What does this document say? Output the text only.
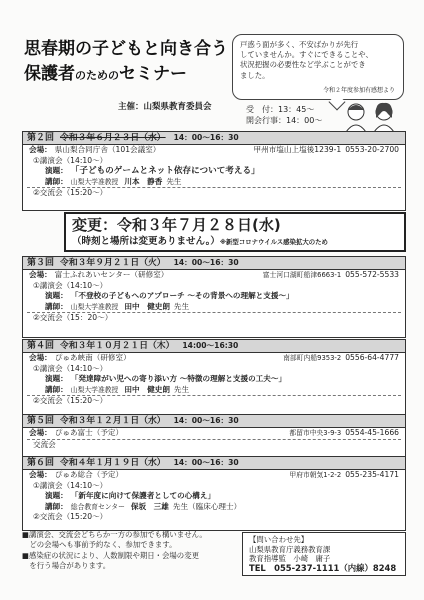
思春期の子どもと向き合う
保護者のためのセミナー
主催：山梨県教育委員会
戸惑う面が多く、不安ばかりが先行
していませんか。すぐにできることや、
状況把握の必要性など学ぶことができ
ました。
令和２年度参加有感想より
受　付：13：45～
開会行事：14：00～
第２回 令和３年６月２３日（水） 14：00～16：30
会場： 県山梨合同庁舎（101会議室）	甲州市塩山上塩後1239-1 0553-20-2700
①講演会（14:10～）
演題： 「子どものゲームとネット依存について考える」
講師： 山梨大学准教授 川本　静香 先生
②交流会（15:20～）
変更：令和３年７月２８日(水)
（時刻と場所は変更ありません。）※新型コロナウイルス感染拡大のため
第３回 令和３年９月２１日（火） 14：00～16：30
会場： 富士ふれあいセンター（研修室）	富士河口湖町船津6663-1 055-572-5533
①講演会（14:10～）
演題： 「不登校の子どもへのアプローチ ～その背景への理解と支援～」
講師： 山梨大学准教授 田中　健史朗 先生
②交流会（15：20～）
第４回 令和３年１０月２１日（木） 14:00～16:30
会場： ぴゅあ峡南（研修室）	南部町内船9353-2 0556-64-4777
①講演会（14:10～）
演題： 「発達障がい児への寄り添い方 ～特徴の理解と支援の工夫～」
講師： 山梨大学准教授 田中　健史朗 先生
②交流会（15:20～）
第５回 令和３年１２月１日（水） 14：00～16：30
会場： ぴゅあ富士（予定）	都留市中央3-9-3 0554-45-1666
交流会
第６回 令和４年１月１９日（水） 14：00～16：30
会場： ぴゅあ総合（予定）	甲府市朝気1-2-2 055-235-4171
①講演会（14:10～）
演題： 「新年度に向けて保護者としての心構え」
講師： 総合教育センター 保坂　三雄 先生（臨床心理士）
②交流会（15:20～）
■講演会、交流会どちらか一方の参加でも構いません。
　どの会場へも事前予約なく、参加できます。
■感染症の状況により、人数制限や期日・会場の変更
　を行う場合があります。
【問い合わせ先】
山梨県教育庁義務教育課
教育指導監　小崎　庸子
TEL　055-237-1111（内線）8248
